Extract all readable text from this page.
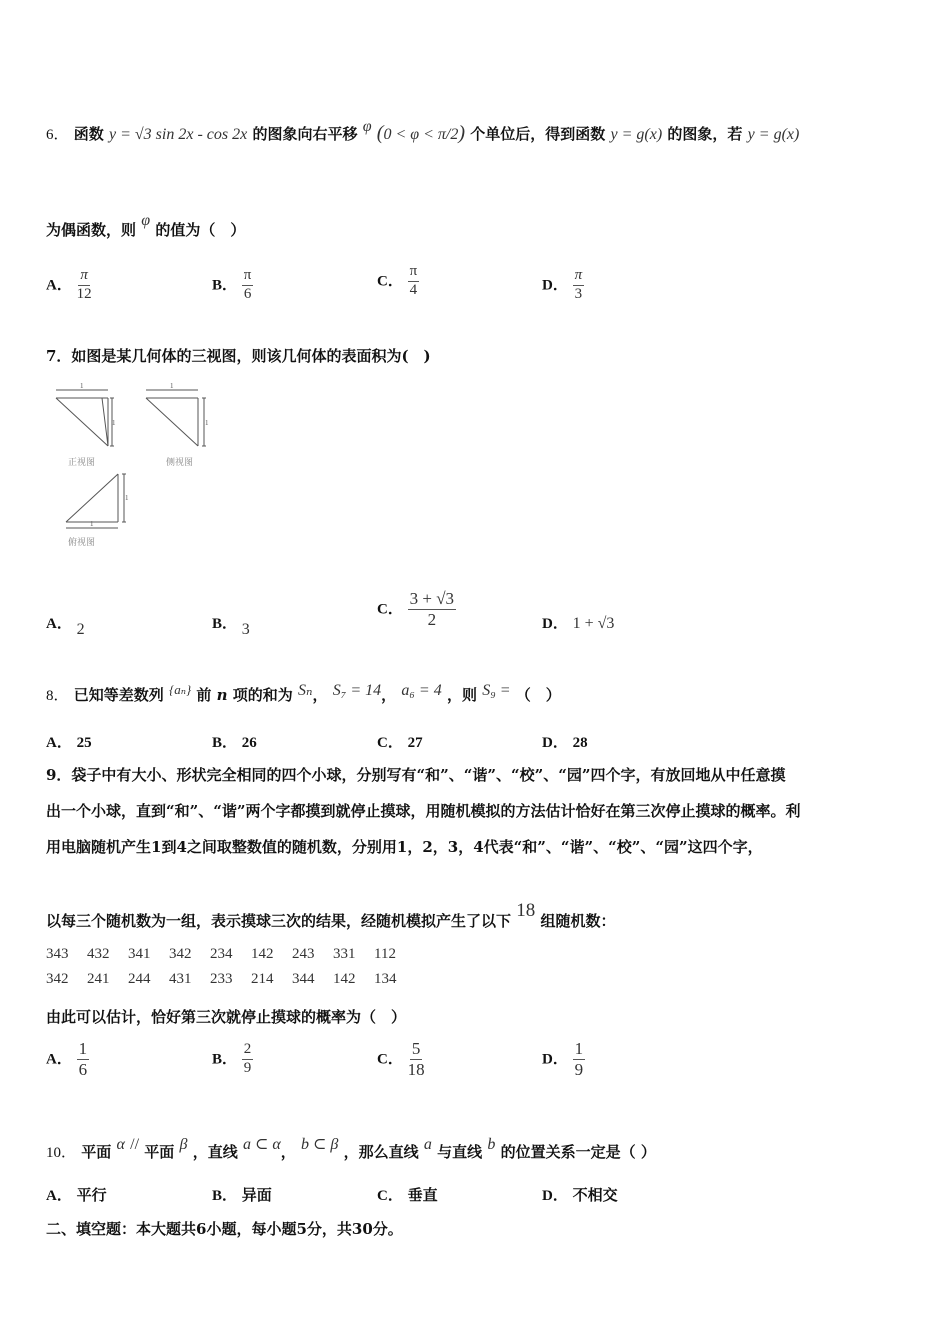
6． 函数 y = √3 sin 2x - cos 2x 的图象向右平移 φ (0 < φ < π/2) 个单位后，得到函数 y = g(x) 的图象，若 y = g(x)
为偶函数，则 φ 的值为（　）
A． $\frac{\pi}{12}$	B． $\frac{\pi}{6}$	C． $\frac{\pi}{4}$	D． $\frac{\pi}{3}$
7．如图是某几何体的三视图，则该几何体的表面积为(　)
1
1
1
1
1
1
正视图	侧视图
俯视图
A． 2	B． 3
C． $\frac{3 + √3}{2}$	D． 1 + √3
8． 已知等差数列 {aₙ} 前 n 项的和为 Sₙ， S₇ = 14， a₆ = 4 ，则 S₉ = （　）
A． 25	B． 26	C． 27	D． 28
9．袋子中有大小、形状完全相同的四个小球，分别写有“和”、“谐”、“校”、“园”四个字，有放回地从中任意摸
出一个小球，直到“和”、“谐”两个字都摸到就停止摸球，用随机模拟的方法估计恰好在第三次停止摸球的概率。利
用电脑随机产生1到4之间取整数值的随机数，分别用1，2，3，4代表“和”、“谐”、“校”、“园”这四个字，
以每三个随机数为一组，表示摸球三次的结果，经随机模拟产生了以下 18 组随机数：
343 432 341 342 234 142 243 331 112
342 241 244 431 233 214 344 142 134
由此可以估计，恰好第三次就停止摸球的概率为（　）
A． $\frac{1}{6}$	B． $\frac{2}{9}$	C． $\frac{5}{18}$	D． $\frac{1}{9}$
10． 平面 α // 平面 β ，直线 a ⊂ α， b ⊂ β ，那么直线 a 与直线 b 的位置关系一定是（ ）
A． 平行	B． 异面	C． 垂直	D． 不相交
二、填空题：本大题共6小题，每小题5分，共30分。
